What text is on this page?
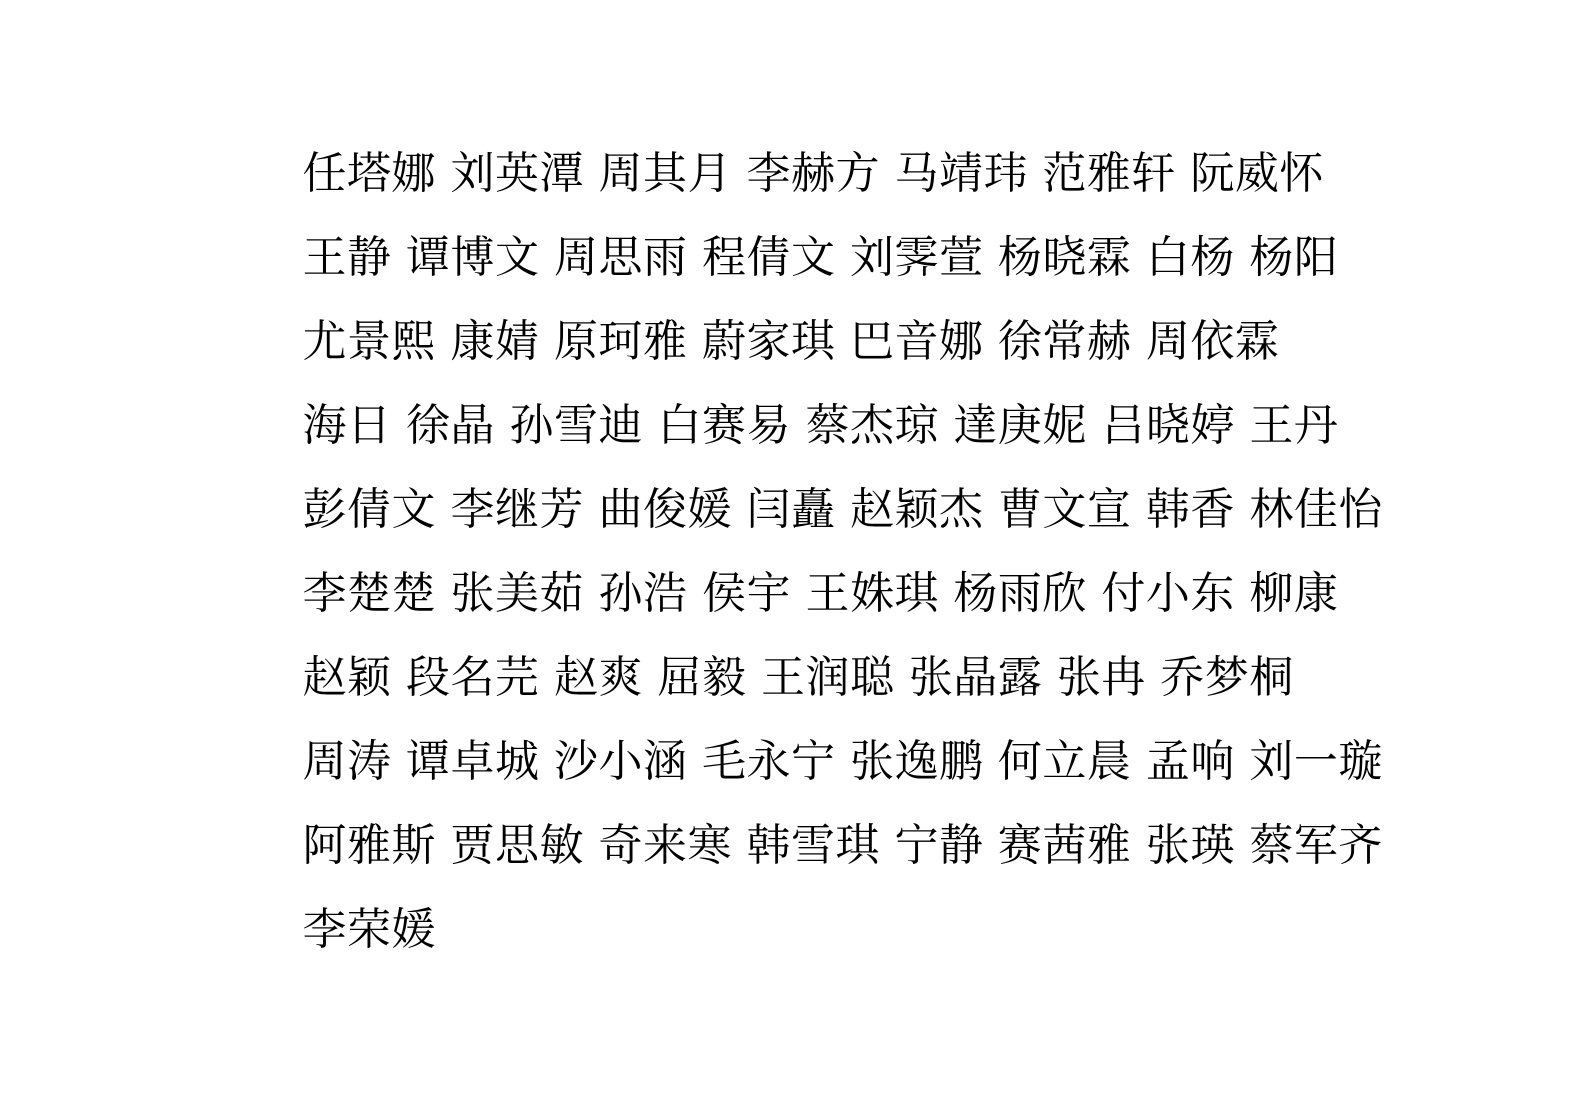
任塔娜 刘英潭 周其月 李赫方 马靖玮 范雅轩 阮威怀
王静 谭博文 周思雨 程倩文 刘霁萱 杨晓霖 白杨 杨阳
尤景熙 康婧 原珂雅 蔚家琪 巴音娜 徐常赫 周依霖
海日 徐晶 孙雪迪 白赛易 蔡杰琼 達庚妮 吕晓婷 王丹
彭倩文 李继芳 曲俊媛 闫矗 赵颖杰 曹文宣 韩香 林佳怡
李楚楚 张美茹 孙浩 侯宇 王姝琪 杨雨欣 付小东 柳康
赵颖 段名芫 赵爽 屈毅 王润聪 张晶露 张冉 乔梦桐
周涛 谭卓城 沙小涵 毛永宁 张逸鹏 何立晨 孟响 刘一璇
阿雅斯 贾思敏 奇来寒 韩雪琪 宁静 赛茜雅 张瑛 蔡军齐
李荣媛
